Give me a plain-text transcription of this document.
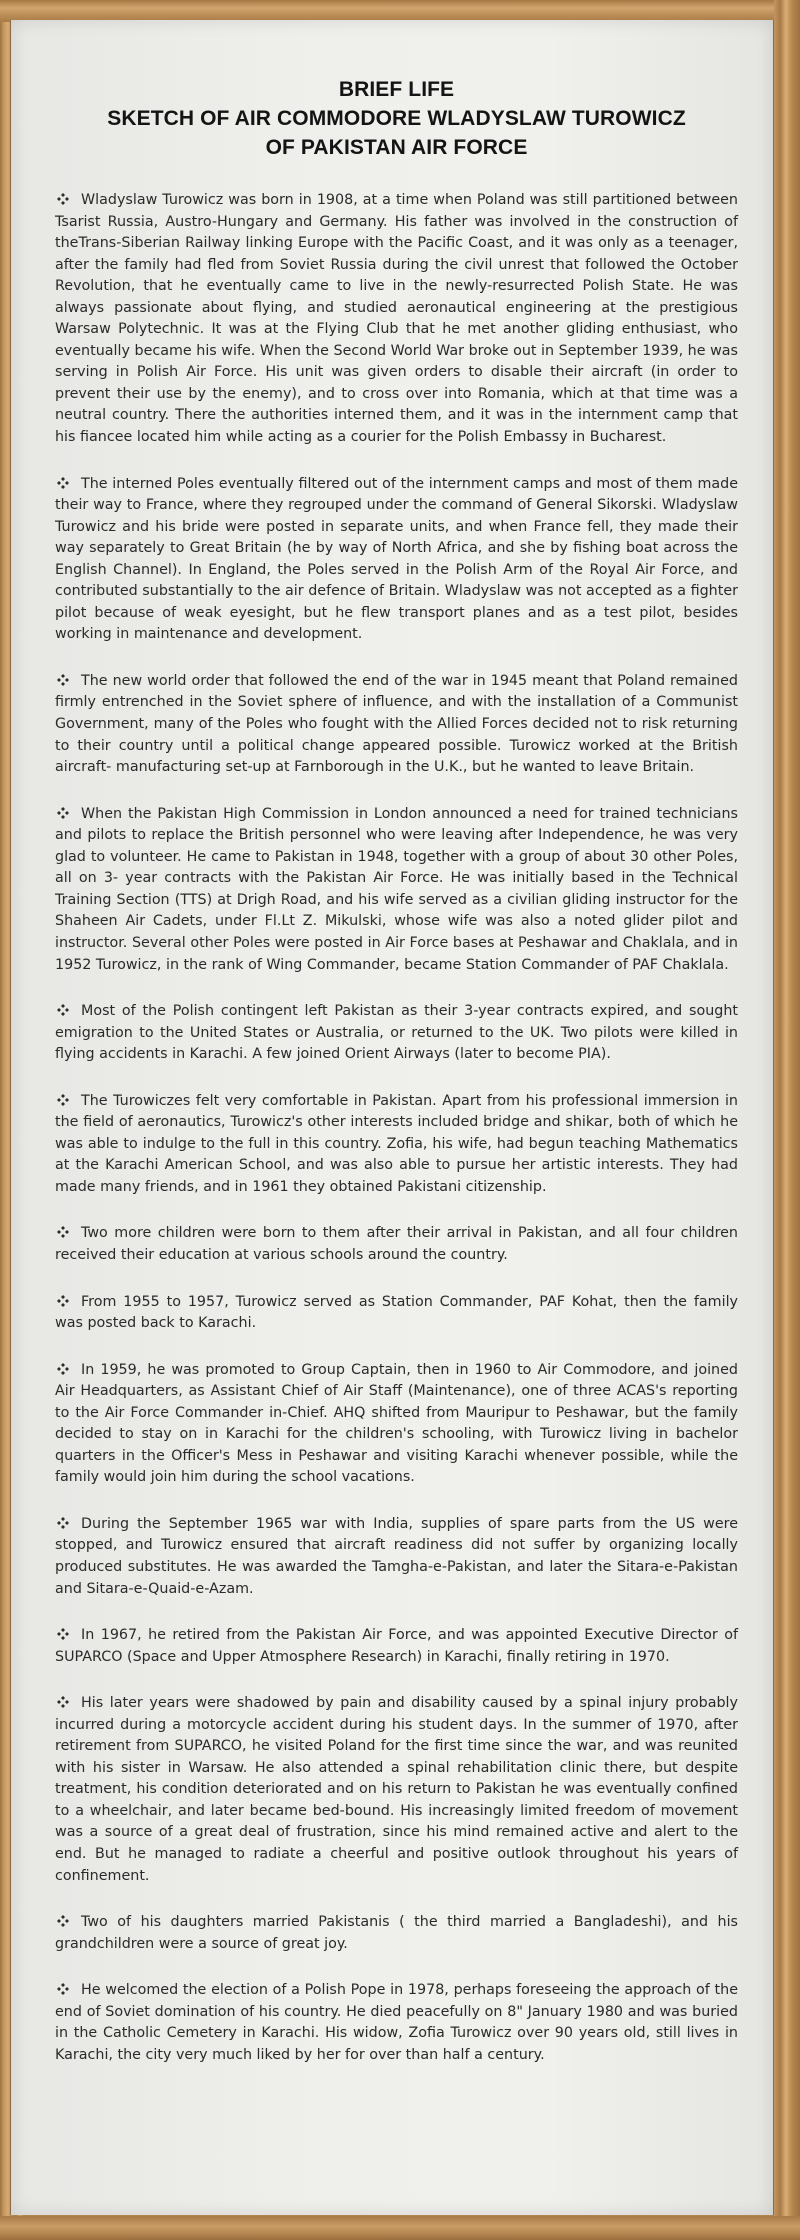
BRIEF LIFE
SKETCH OF AIR COMMODORE WLADYSLAW TUROWICZ
OF PAKISTAN AIR FORCE

Wladyslaw Turowicz was born in 1908, at a time when Poland was still partitioned between Tsarist Russia, Austro-Hungary and Germany. His father was involved in the construction of theTrans-Siberian Railway linking Europe with the Pacific Coast, and it was only as a teenager, after the family had fled from Soviet Russia during the civil unrest that followed the October Revolution, that he eventually came to live in the newly-resurrected Polish State. He was always passionate about flying, and studied aeronautical engineering at the prestigious Warsaw Polytechnic. It was at the Flying Club that he met another gliding enthusiast, who eventually became his wife. When the Second World War broke out in September 1939, he was serving in Polish Air Force. His unit was given orders to disable their aircraft (in order to prevent their use by the enemy), and to cross over into Romania, which at that time was a neutral country. There the authorities interned them, and it was in the internment camp that his fiancee located him while acting as a courier for the Polish Embassy in Bucharest.

The interned Poles eventually filtered out of the internment camps and most of them made their way to France, where they regrouped under the command of General Sikorski. Wladyslaw Turowicz and his bride were posted in separate units, and when France fell, they made their way separately to Great Britain (he by way of North Africa, and she by fishing boat across the English Channel). In England, the Poles served in the Polish Arm of the Royal Air Force, and contributed substantially to the air defence of Britain. Wladyslaw was not accepted as a fighter pilot because of weak eyesight, but he flew transport planes and as a test pilot, besides working in maintenance and development.

The new world order that followed the end of the war in 1945 meant that Poland remained firmly entrenched in the Soviet sphere of influence, and with the installation of a Communist Government, many of the Poles who fought with the Allied Forces decided not to risk returning to their country until a political change appeared possible. Turowicz worked at the British aircraft- manufacturing set-up at Farnborough in the U.K., but he wanted to leave Britain.

When the Pakistan High Commission in London announced a need for trained technicians and pilots to replace the British personnel who were leaving after Independence, he was very glad to volunteer. He came to Pakistan in 1948, together with a group of about 30 other Poles, all on 3- year contracts with the Pakistan Air Force. He was initially based in the Technical Training Section (TTS) at Drigh Road, and his wife served as a civilian gliding instructor for the Shaheen Air Cadets, under Fl.Lt Z. Mikulski, whose wife was also a noted glider pilot and instructor. Several other Poles were posted in Air Force bases at Peshawar and Chaklala, and in 1952 Turowicz, in the rank of Wing Commander, became Station Commander of PAF Chaklala.

Most of the Polish contingent left Pakistan as their 3-year contracts expired, and sought emigration to the United States or Australia, or returned to the UK. Two pilots were killed in flying accidents in Karachi. A few joined Orient Airways (later to become PIA).

The Turowiczes felt very comfortable in Pakistan. Apart from his professional immersion in the field of aeronautics, Turowicz's other interests included bridge and shikar, both of which he was able to indulge to the full in this country. Zofia, his wife, had begun teaching Mathematics at the Karachi American School, and was also able to pursue her artistic interests. They had made many friends, and in 1961 they obtained Pakistani citizenship.

Two more children were born to them after their arrival in Pakistan, and all four children received their education at various schools around the country.

From 1955 to 1957, Turowicz served as Station Commander, PAF Kohat, then the family was posted back to Karachi.

In 1959, he was promoted to Group Captain, then in 1960 to Air Commodore, and joined Air Headquarters, as Assistant Chief of Air Staff (Maintenance), one of three ACAS's reporting to the Air Force Commander in-Chief. AHQ shifted from Mauripur to Peshawar, but the family decided to stay on in Karachi for the children's schooling, with Turowicz living in bachelor quarters in the Officer's Mess in Peshawar and visiting Karachi whenever possible, while the family would join him during the school vacations.

During the September 1965 war with India, supplies of spare parts from the US were stopped, and Turowicz ensured that aircraft readiness did not suffer by organizing locally produced substitutes. He was awarded the Tamgha-e-Pakistan, and later the Sitara-e-Pakistan and Sitara-e-Quaid-e-Azam.

In 1967, he retired from the Pakistan Air Force, and was appointed Executive Director of SUPARCO (Space and Upper Atmosphere Research) in Karachi, finally retiring in 1970.

His later years were shadowed by pain and disability caused by a spinal injury probably incurred during a motorcycle accident during his student days. In the summer of 1970, after retirement from SUPARCO, he visited Poland for the first time since the war, and was reunited with his sister in Warsaw. He also attended a spinal rehabilitation clinic there, but despite treatment, his condition deteriorated and on his return to Pakistan he was eventually confined to a wheelchair, and later became bed-bound. His increasingly limited freedom of movement was a source of a great deal of frustration, since his mind remained active and alert to the end. But he managed to radiate a cheerful and positive outlook throughout his years of confinement.

Two of his daughters married Pakistanis ( the third married a Bangladeshi), and his grandchildren were a source of great joy.

He welcomed the election of a Polish Pope in 1978, perhaps foreseeing the approach of the end of Soviet domination of his country. He died peacefully on 8" January 1980 and was buried in the Catholic Cemetery in Karachi. His widow, Zofia Turowicz over 90 years old, still lives in Karachi, the city very much liked by her for over than half a century.
